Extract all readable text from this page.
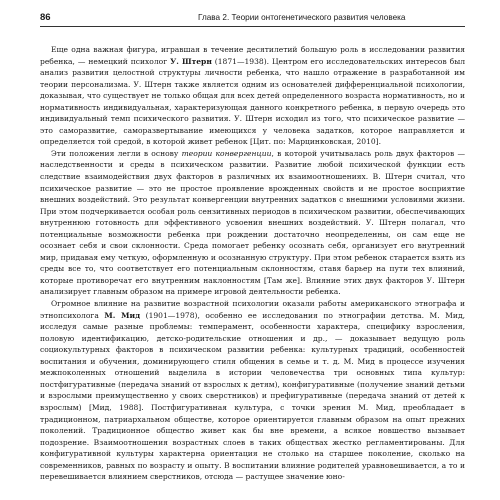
86	Глава 2. Теории онтогенетического развития человека

Еще одна важная фигура, игравшая в течение десятилетий большую роль в исследовании развития ребенка, — немецкий психолог У. Штерн (1871—1938). Центром его исследовательских интересов был анализ развития целостной структуры личности ребенка, что нашло отражение в разработанной им теории персонализма. У. Штерн также является одним из основателей дифференциальной психологии, доказывая, что существует не только общая для всех детей определенного возраста нормативность, но и нормативность индивидуальная, характеризующая данного конкретного ребенка, в первую очередь это индивидуальный темп психического развития. У. Штерн исходил из того, что психическое развитие — это саморазвитие, саморазвертывание имеющихся у человека задатков, которое направляется и определяется той средой, в которой живет ребенок [Цит. по: Марцинковская, 2010].

Эти положения легли в основу теории конвергенции, в которой учитывалась роль двух факторов — наследственности и среды в психическом развитии. Развитие любой психической функции есть следствие взаимодействия двух факторов в различных их взаимоотношениях. В. Штерн считал, что психическое развитие — это не простое проявление врожденных свойств и не простое восприятие внешних воздействий. Это результат конвергенции внутренних задатков с внешними условиями жизни. При этом подчеркивается особая роль сензитивных периодов в психическом развитии, обеспечивающих внутреннюю готовность для эффективного усвоения внешних воздействий. У. Штерн полагал, что потенциальные возможности ребенка при рождении достаточно неопределенны, он сам еще не осознает себя и свои склонности. Среда помогает ребенку осознать себя, организует его внутренний мир, придавая ему четкую, оформленную и осознанную структуру. При этом ребенок старается взять из среды все то, что соответствует его потенциальным склонностям, ставя барьер на пути тех влияний, которые противоречат его внутренним наклонностям [Там же]. Влияние этих двух факторов У. Штерн анализирует главным образом на примере игровой деятельности ребенка.

Огромное влияние на развитие возрастной психологии оказали работы американского этнографа и этнопсихолога М. Мид (1901—1978), особенно ее исследования по этнографии детства. М. Мид, исследуя самые разные проблемы: темперамент, особенности характера, специфику взросления, половую идентификацию, детско-родительские отношения и др., — доказывает ведущую роль социокультурных факторов в психическом развитии ребенка: культурных традиций, особенностей воспитания и обучения, доминирующего стиля общения в семье и т. д. М. Мид в процессе изучения межпоколенных отношений выделила в истории человечества три основных типа культур: постфигуративные (передача знаний от взрослых к детям), конфигуративные (получение знаний детьми и взрослыми преимущественно у своих сверстников) и префигуративные (передача знаний от детей к взрослым) [Мид, 1988]. Постфигуративная культура, с точки зрения М. Мид, преобладает в традиционном, патриархальном обществе, которое ориентируется главным образом на опыт прежних поколений. Традиционное общество живет как бы вне времени, а всякое новшество вызывает подозрение. Взаимоотношения возрастных слоев в таких обществах жестко регламентированы. Для конфигуративной культуры характерна ориентация не столько на старшее поколение, сколько на современников, равных по возрасту и опыту. В воспитании влияние родителей уравновешивается, а то и перевешивается влиянием сверстников, отсюда — растущее значение юно-
